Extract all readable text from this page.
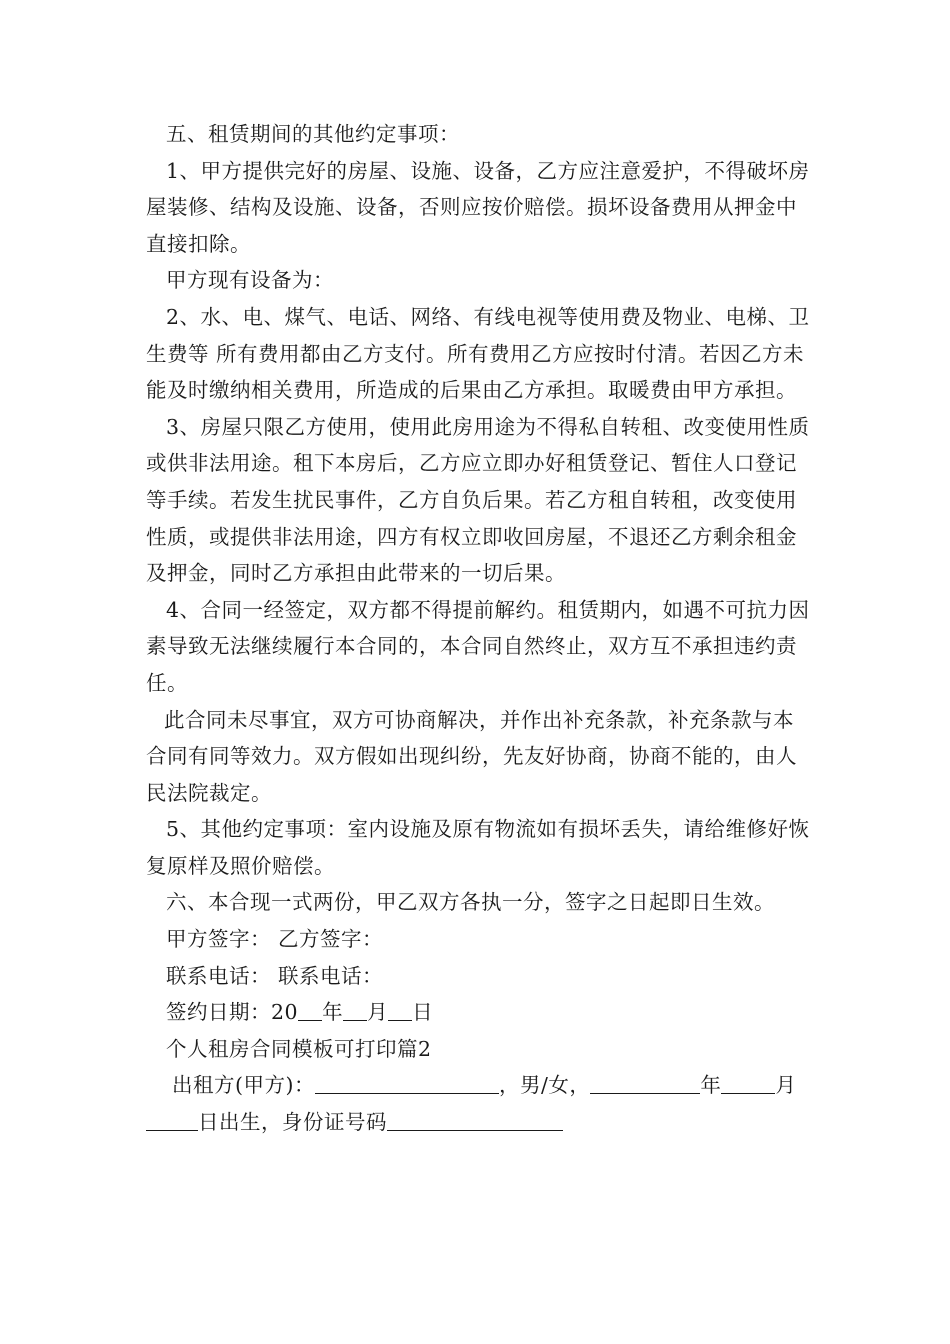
五、租赁期间的其他约定事项：

1、甲方提供完好的房屋、设施、设备，乙方应注意爱护，不得破坏房屋装修、结构及设施、设备，否则应按价赔偿。损坏设备费用从押金中直接扣除。

甲方现有设备为：

2、水、电、煤气、电话、网络、有线电视等使用费及物业、电梯、卫生费等 所有费用都由乙方支付。所有费用乙方应按时付清。若因乙方未能及时缴纳相关费用，所造成的后果由乙方承担。取暖费由甲方承担。

3、房屋只限乙方使用，使用此房用途为不得私自转租、改变使用性质或供非法用途。租下本房后，乙方应立即办好租赁登记、暂住人口登记等手续。若发生扰民事件，乙方自负后果。若乙方租自转租，改变使用性质，或提供非法用途，四方有权立即收回房屋，不退还乙方剩余租金及押金，同时乙方承担由此带来的一切后果。

4、合同一经签定，双方都不得提前解约。租赁期内，如遇不可抗力因素导致无法继续履行本合同的，本合同自然终止，双方互不承担违约责任。

此合同未尽事宜，双方可协商解决，并作出补充条款，补充条款与本合同有同等效力。双方假如出现纠纷，先友好协商，协商不能的，由人民法院裁定。

5、其他约定事项：室内设施及原有物流如有损坏丢失，请给维修好恢复原样及照价赔偿。

六、本合现一式两份，甲乙双方各执一分，签字之日起即日生效。

甲方签字： 乙方签字：

联系电话： 联系电话：

签约日期：20 年 月 日

个人租房合同模板可打印篇2

出租方(甲方)：	，男/女，	年	月日出生，身份证号码
